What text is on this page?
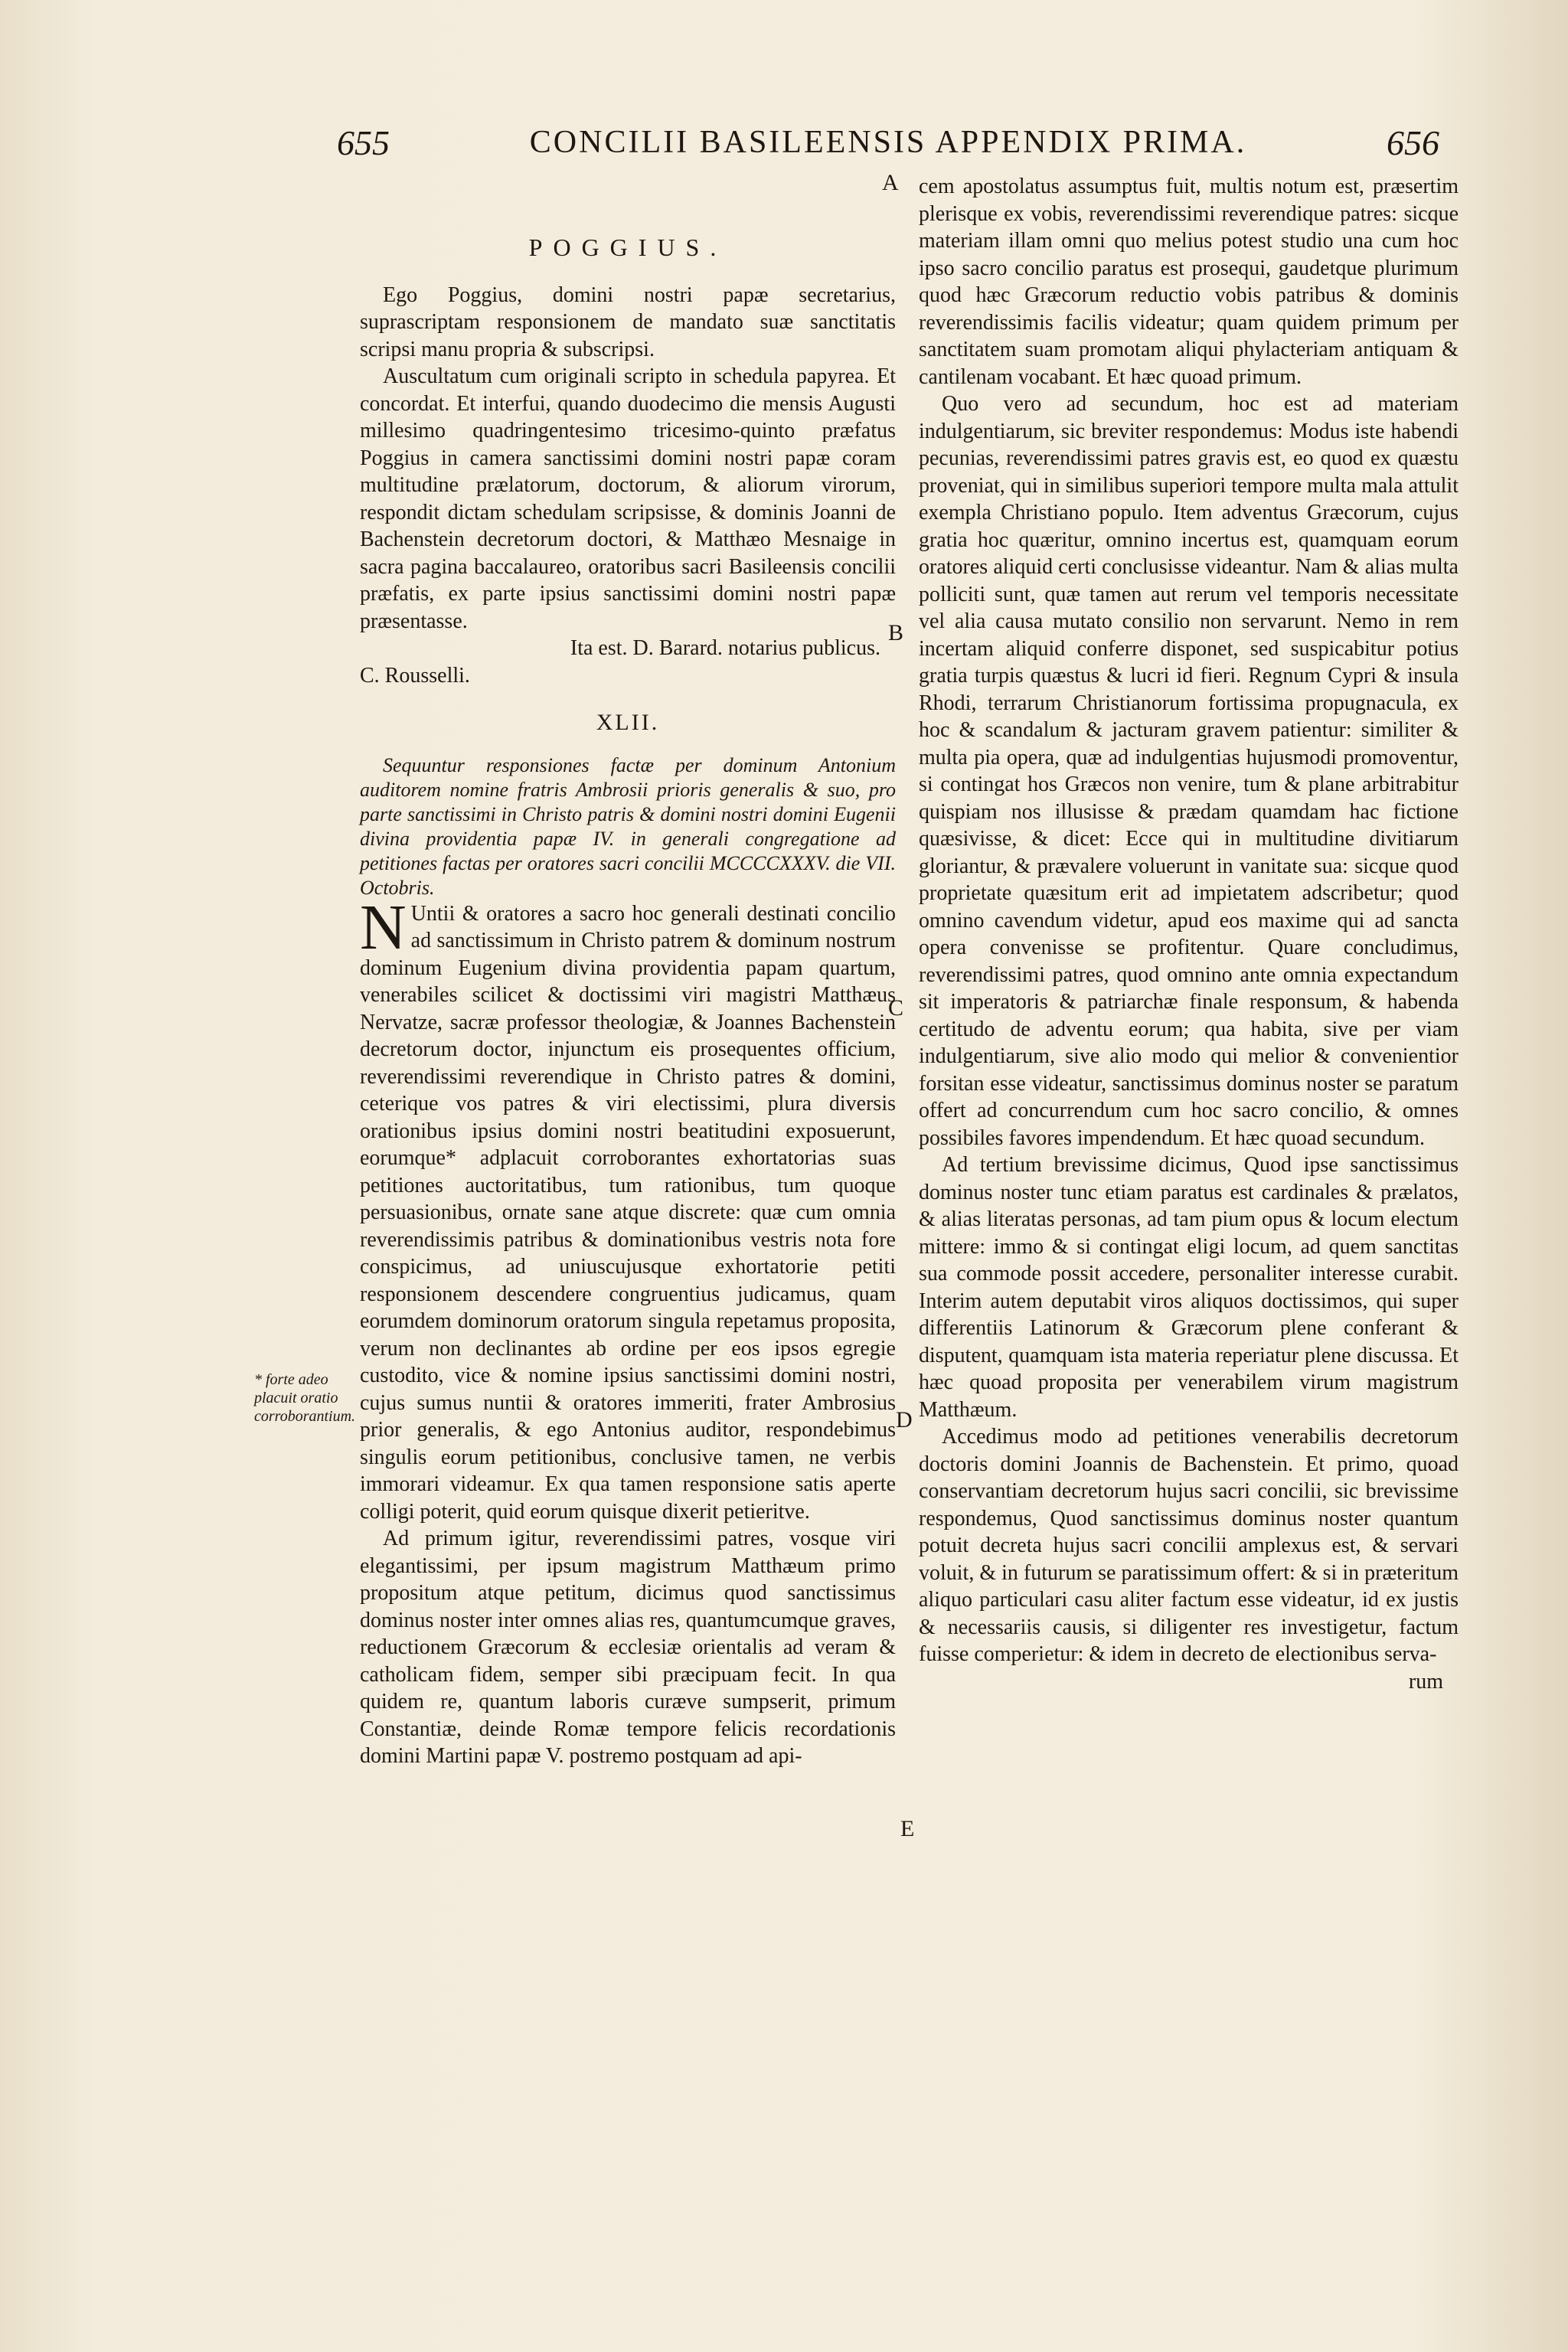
655	CONCILII BASILEENSIS APPENDIX PRIMA.	656
POGGIUS.

Ego Poggius, domini nostri papæ secretarius, suprascriptam responsionem de mandato suæ sanctitatis scripsi manu propria & subscripsi.

Auscultatum cum originali scripto in schedula papyrea. Et concordat. Et interfui, quando duodecimo die mensis Augusti millesimo quadringentesimo tricesimo-quinto præfatus Poggius in camera sanctissimi domini nostri papæ coram multitudine prælatorum, doctorum, & aliorum virorum, respondit dictam schedulam scripsisse, & dominis Joanni de Bachenstein decretorum doctori, & Matthæo Mesnaige in sacra pagina baccalaureo, oratoribus sacri Basileensis concilii præfatis, ex parte ipsius sanctissimi domini nostri papæ præsentasse.

Ita est. D. Barard. notarius publicus.

C. Rousselli.

XLII.

Sequuntur responsiones factæ per dominum Antonium auditorem nomine fratris Ambrosii prioris generalis & suo, pro parte sanctissimi in Christo patris & domini nostri domini Eugenii divina providentia papæ IV. in generali congregatione ad petitiones factas per oratores sacri concilii MCCCCXXXV. die VII. Octobris.

N Untii & oratores a sacro hoc generali destinati concilio ad sanctissimum in Christo patrem & dominum nostrum dominum Eugenium divina providentia papam quartum, venerabiles scilicet & doctissimi viri magistri Matthæus Nervatze, sacræ professor theologiæ, & Joannes Bachenstein decretorum doctor, injunctum eis prosequentes officium, reverendissimi reverendique in Christo patres & domini, ceterique vos patres & viri electissimi, plura diversis orationibus ipsius domini nostri beatitudini exposuerunt, eorumque* adplacuit corroborantes exhortatorias suas petitiones auctoritatibus, tum rationibus, tum quoque persuasionibus, ornate sane atque discrete: quæ cum omnia reverendissimis patribus & dominationibus vestris nota fore conspicimus, ad uniuscujusque exhortatorie petiti responsionem descendere congruentius judicamus, quam eorumdem dominorum oratorum singula repetamus proposita, verum non declinantes ab ordine per eos ipsos egregie custodito, vice & nomine ipsius sanctissimi domini nostri, cujus sumus nuntii & oratores immeriti, frater Ambrosius prior generalis, & ego Antonius auditor, respondebimus singulis eorum petitionibus, conclusive tamen, ne verbis immorari videamur. Ex qua tamen responsione satis aperte colligi poterit, quid eorum quisque dixerit petieritve.

Ad primum igitur, reverendissimi patres, vosque viri elegantissimi, per ipsum magistrum Matthæum primo propositum atque petitum, dicimus quod sanctissimus dominus noster inter omnes alias res, quantumcumque graves, reductionem Græcorum & ecclesiæ orientalis ad veram & catholicam fidem, semper sibi præcipuam fecit. In qua quidem re, quantum laboris curæve sumpserit, primum Constantiæ, deinde Romæ tempore felicis recordationis domini Martini papæ V. postremo postquam ad api-

* forte adeo placuit oratio corroborantium.
A
B
C
D
E

cem apostolatus assumptus fuit, multis notum est, præsertim plerisque ex vobis, reverendissimi reverendique patres: sicque materiam illam omni quo melius potest studio una cum hoc ipso sacro concilio paratus est prosequi, gaudetque plurimum quod hæc Græcorum reductio vobis patribus & dominis reverendissimis facilis videatur; quam quidem primum per sanctitatem suam promotam aliqui phylacteriam antiquam & cantilenam vocabant. Et hæc quoad primum.

Quo vero ad secundum, hoc est ad materiam indulgentiarum, sic breviter respondemus: Modus iste habendi pecunias, reverendissimi patres gravis est, eo quod ex quæstu proveniat, qui in similibus superiori tempore multa mala attulit exempla Christiano populo. Item adventus Græcorum, cujus gratia hoc quæritur, omnino incertus est, quamquam eorum oratores aliquid certi conclusisse videantur. Nam & alias multa polliciti sunt, quæ tamen aut rerum vel temporis necessitate vel alia causa mutato consilio non servarunt. Nemo in rem incertam aliquid conferre disponet, sed suspicabitur potius gratia turpis quæstus & lucri id fieri. Regnum Cypri & insula Rhodi, terrarum Christianorum fortissima propugnacula, ex hoc & scandalum & jacturam gravem patientur: similiter & multa pia opera, quæ ad indulgentias hujusmodi promoventur, si contingat hos Græcos non venire, tum & plane arbitrabitur quispiam nos illusisse & prædam quamdam hac fictione quæsivisse, & dicet: Ecce qui in multitudine divitiarum gloriantur, & prævalere voluerunt in vanitate sua: sicque quod proprietate quæsitum erit ad impietatem adscribetur; quod omnino cavendum videtur, apud eos maxime qui ad sancta opera convenisse se profitentur. Quare concludimus, reverendissimi patres, quod omnino ante omnia expectandum sit imperatoris & patriarchæ finale responsum, & habenda certitudo de adventu eorum; qua habita, sive per viam indulgentiarum, sive alio modo qui melior & convenientior forsitan esse videatur, sanctissimus dominus noster se paratum offert ad concurrendum cum hoc sacro concilio, & omnes possibiles favores impendendum. Et hæc quoad secundum.

Ad tertium brevissime dicimus, Quod ipse sanctissimus dominus noster tunc etiam paratus est cardinales & prælatos, & alias literatas personas, ad tam pium opus & locum electum mittere: immo & si contingat eligi locum, ad quem sanctitas sua commode possit accedere, personaliter interesse curabit. Interim autem deputabit viros aliquos doctissimos, qui super differentiis Latinorum & Græcorum plene conferant & disputent, quamquam ista materia reperiatur plene discussa. Et hæc quoad proposita per venerabilem virum magistrum Matthæum.

Accedimus modo ad petitiones venerabilis decretorum doctoris domini Joannis de Bachenstein. Et primo, quoad conservantiam decretorum hujus sacri concilii, sic brevissime respondemus, Quod sanctissimus dominus noster quantum potuit decreta hujus sacri concilii amplexus est, & servari voluit, & in futurum se paratissimum offert: & si in præteritum aliquo particulari casu aliter factum esse videatur, id ex justis & necessariis causis, si diligenter res investigetur, factum fuisse comperietur: & idem in decreto de electionibus serva-

rum
